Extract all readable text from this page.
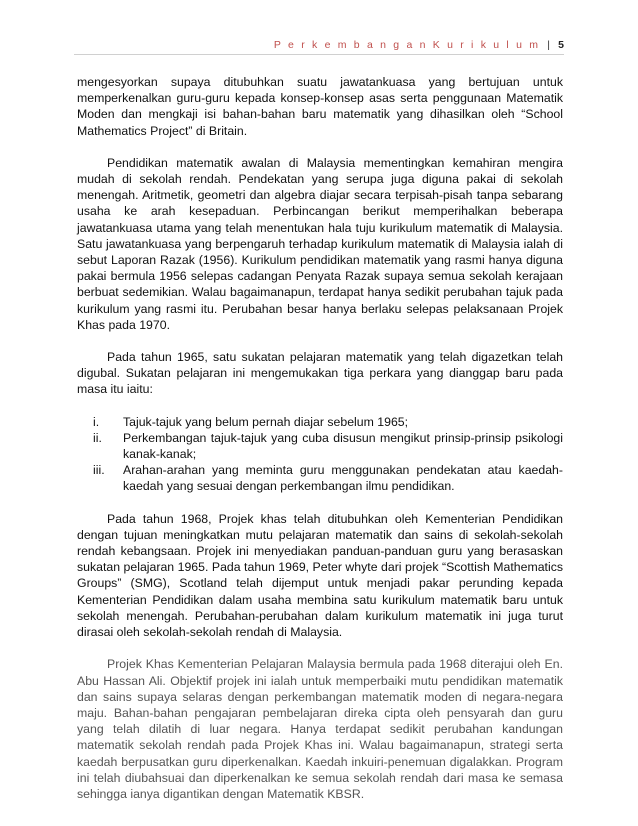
P e r k e m b a n g a n K u r i k u l u m | 5

mengesyorkan supaya ditubuhkan suatu jawatankuasa yang bertujuan untuk memperkenalkan guru-guru kepada konsep-konsep asas serta penggunaan Matematik Moden dan mengkaji isi bahan-bahan baru matematik yang dihasilkan oleh “School Mathematics Project” di Britain.

Pendidikan matematik awalan di Malaysia mementingkan kemahiran mengira mudah di sekolah rendah. Pendekatan yang serupa juga diguna pakai di sekolah menengah. Aritmetik, geometri dan algebra diajar secara terpisah-pisah tanpa sebarang usaha ke arah kesepaduan. Perbincangan berikut memperihalkan beberapa jawatankuasa utama yang telah menentukan hala tuju kurikulum matematik di Malaysia. Satu jawatankuasa yang berpengaruh terhadap kurikulum matematik di Malaysia ialah di sebut Laporan Razak (1956). Kurikulum pendidikan matematik yang rasmi hanya diguna pakai bermula 1956 selepas cadangan Penyata Razak supaya semua sekolah kerajaan berbuat sedemikian. Walau bagaimanapun, terdapat hanya sedikit perubahan tajuk pada kurikulum yang rasmi itu. Perubahan besar hanya berlaku selepas pelaksanaan Projek Khas pada 1970.

Pada tahun 1965, satu sukatan pelajaran matematik yang telah digazetkan telah digubal. Sukatan pelajaran ini mengemukakan tiga perkara yang dianggap baru pada masa itu iaitu:

i. Tajuk-tajuk yang belum pernah diajar sebelum 1965;
ii. Perkembangan tajuk-tajuk yang cuba disusun mengikut prinsip-prinsip psikologi kanak-kanak;
iii. Arahan-arahan yang meminta guru menggunakan pendekatan atau kaedah-kaedah yang sesuai dengan perkembangan ilmu pendidikan.

Pada tahun 1968, Projek khas telah ditubuhkan oleh Kementerian Pendidikan dengan tujuan meningkatkan mutu pelajaran matematik dan sains di sekolah-sekolah rendah kebangsaan. Projek ini menyediakan panduan-panduan guru yang berasaskan sukatan pelajaran 1965. Pada tahun 1969, Peter whyte dari projek “Scottish Mathematics Groups” (SMG), Scotland telah dijemput untuk menjadi pakar perunding kepada Kementerian Pendidikan dalam usaha membina satu kurikulum matematik baru untuk sekolah menengah. Perubahan-perubahan dalam kurikulum matematik ini juga turut dirasai oleh sekolah-sekolah rendah di Malaysia.

Projek Khas Kementerian Pelajaran Malaysia bermula pada 1968 diterajui oleh En. Abu Hassan Ali. Objektif projek ini ialah untuk memperbaiki mutu pendidikan matematik dan sains supaya selaras dengan perkembangan matematik moden di negara-negara maju. Bahan-bahan pengajaran pembelajaran direka cipta oleh pensyarah dan guru yang telah dilatih di luar negara. Hanya terdapat sedikit perubahan kandungan matematik sekolah rendah pada Projek Khas ini. Walau bagaimanapun, strategi serta kaedah berpusatkan guru diperkenalkan. Kaedah inkuiri-penemuan digalakkan. Program ini telah diubahsuai dan diperkenalkan ke semua sekolah rendah dari masa ke semasa sehingga ianya digantikan dengan Matematik KBSR.
